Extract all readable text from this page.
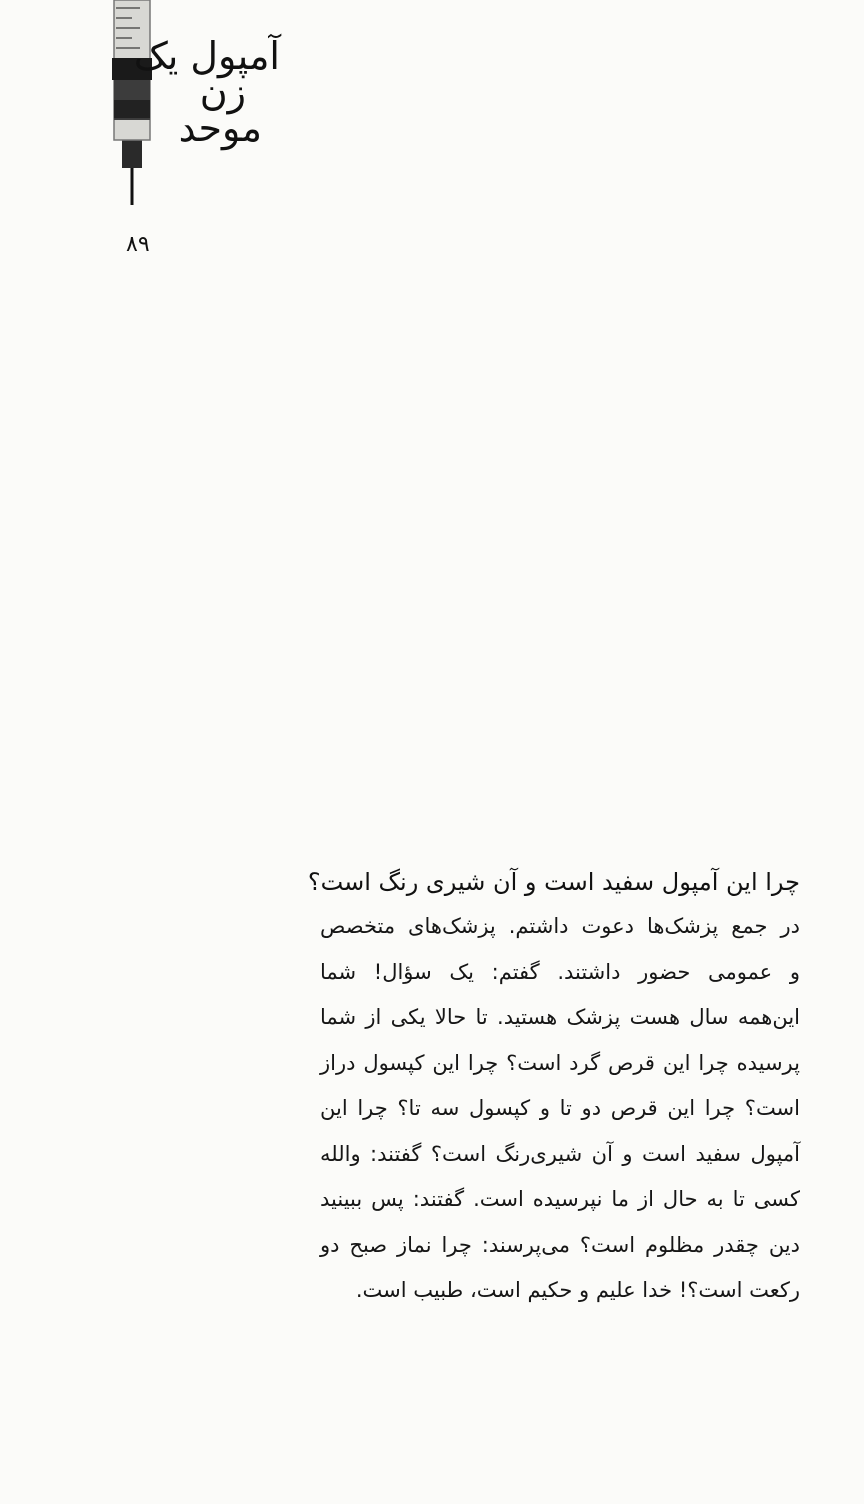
آمپول یک
زن
موحد
۸۹
چرا این آمپول سفید است و آن شیری رنگ است؟

در جمع پزشک‌ها دعوت داشتم. پزشک‌های متخصص
و عمومی حضور داشتند. گفتم: یک سؤال! شما
این‌همه سال هست پزشک هستید. تا حالا یکی از شما
پرسیده چرا این قرص گرد است؟ چرا این کپسول دراز
است؟ چرا این قرص دو تا و کپسول سه تا؟ چرا این
آمپول سفید است و آن شیری‌رنگ است؟ گفتند: والله
کسی تا به حال از ما نپرسیده است. گفتند: پس ببینید
دین چقدر مظلوم است؟ می‌پرسند: چرا نماز صبح دو
رکعت است؟! خدا علیم و حکیم است، طبیب است.
